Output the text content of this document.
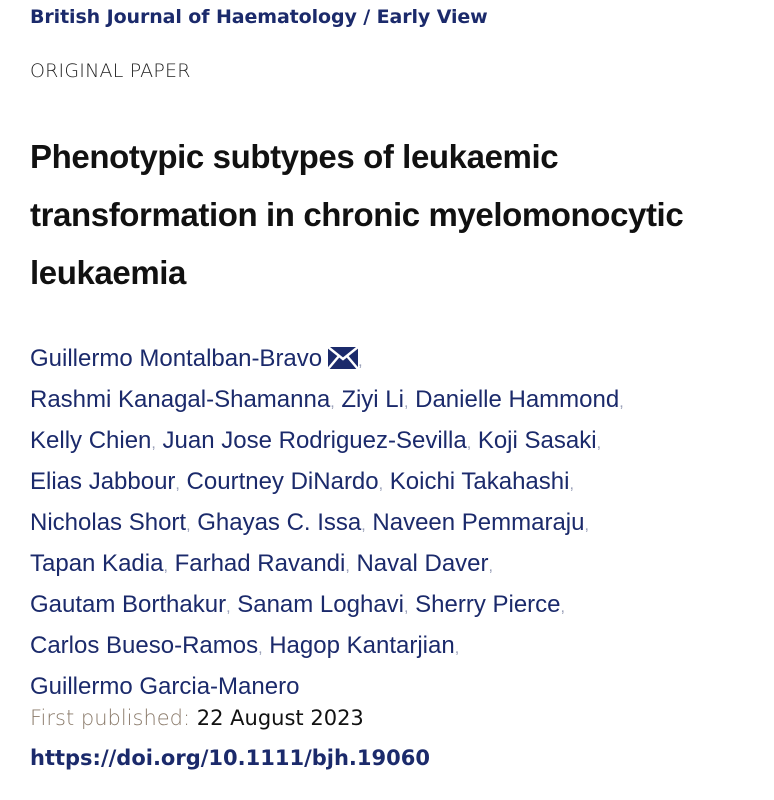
British Journal of Haematology / Early View
ORIGINAL PAPER
Phenotypic subtypes of leukaemic
transformation in chronic myelomonocytic
leukaemia
Guillermo Montalban-Bravo ,
Rashmi Kanagal-Shamanna, Ziyi Li, Danielle Hammond,
Kelly Chien, Juan Jose Rodriguez-Sevilla, Koji Sasaki,
Elias Jabbour, Courtney DiNardo, Koichi Takahashi,
Nicholas Short, Ghayas C. Issa, Naveen Pemmaraju,
Tapan Kadia, Farhad Ravandi, Naval Daver,
Gautam Borthakur, Sanam Loghavi, Sherry Pierce,
Carlos Bueso-Ramos, Hagop Kantarjian,
Guillermo Garcia-Manero
First published: 22 August 2023
https://doi.org/10.1111/bjh.19060
